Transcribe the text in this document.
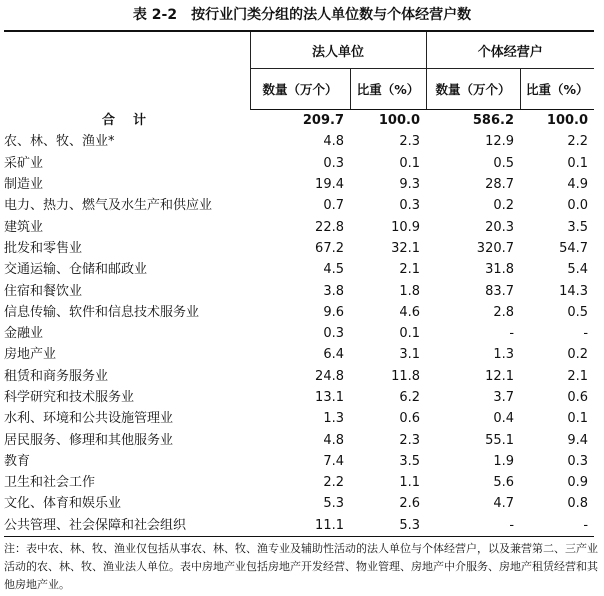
表 2-2 按行业门类分组的法人单位数与个体经营户数
	法人单位		个体经营户	
	数量（万个）	比重（%）	数量（万个）	比重（%）
合计	209.7	100.0	586.2	100.0
农、林、牧、渔业*	4.8	2.3	12.9	2.2
采矿业	0.3	0.1	0.5	0.1
制造业	19.4	9.3	28.7	4.9
电力、热力、燃气及水生产和供应业	0.7	0.3	0.2	0.0
建筑业	22.8	10.9	20.3	3.5
批发和零售业	67.2	32.1	320.7	54.7
交通运输、仓储和邮政业	4.5	2.1	31.8	5.4
住宿和餐饮业	3.8	1.8	83.7	14.3
信息传输、软件和信息技术服务业	9.6	4.6	2.8	0.5
金融业	0.3	0.1	-	-
房地产业	6.4	3.1	1.3	0.2
租赁和商务服务业	24.8	11.8	12.1	2.1
科学研究和技术服务业	13.1	6.2	3.7	0.6
水利、环境和公共设施管理业	1.3	0.6	0.4	0.1
居民服务、修理和其他服务业	4.8	2.3	55.1	9.4
教育	7.4	3.5	1.9	0.3
卫生和社会工作	2.2	1.1	5.6	0.9
文化、体育和娱乐业	5.3	2.6	4.7	0.8
公共管理、社会保障和社会组织	11.1	5.3	-	-
注：表中农、林、牧、渔业仅包括从事农、林、牧、渔专业及辅助性活动的法人单位与个体经营户，以及兼营第二、三产业活动的农、林、牧、渔业法人单位。表中房地产业包括房地产开发经营、物业管理、房地产中介服务、房地产租赁经营和其他房地产业。
